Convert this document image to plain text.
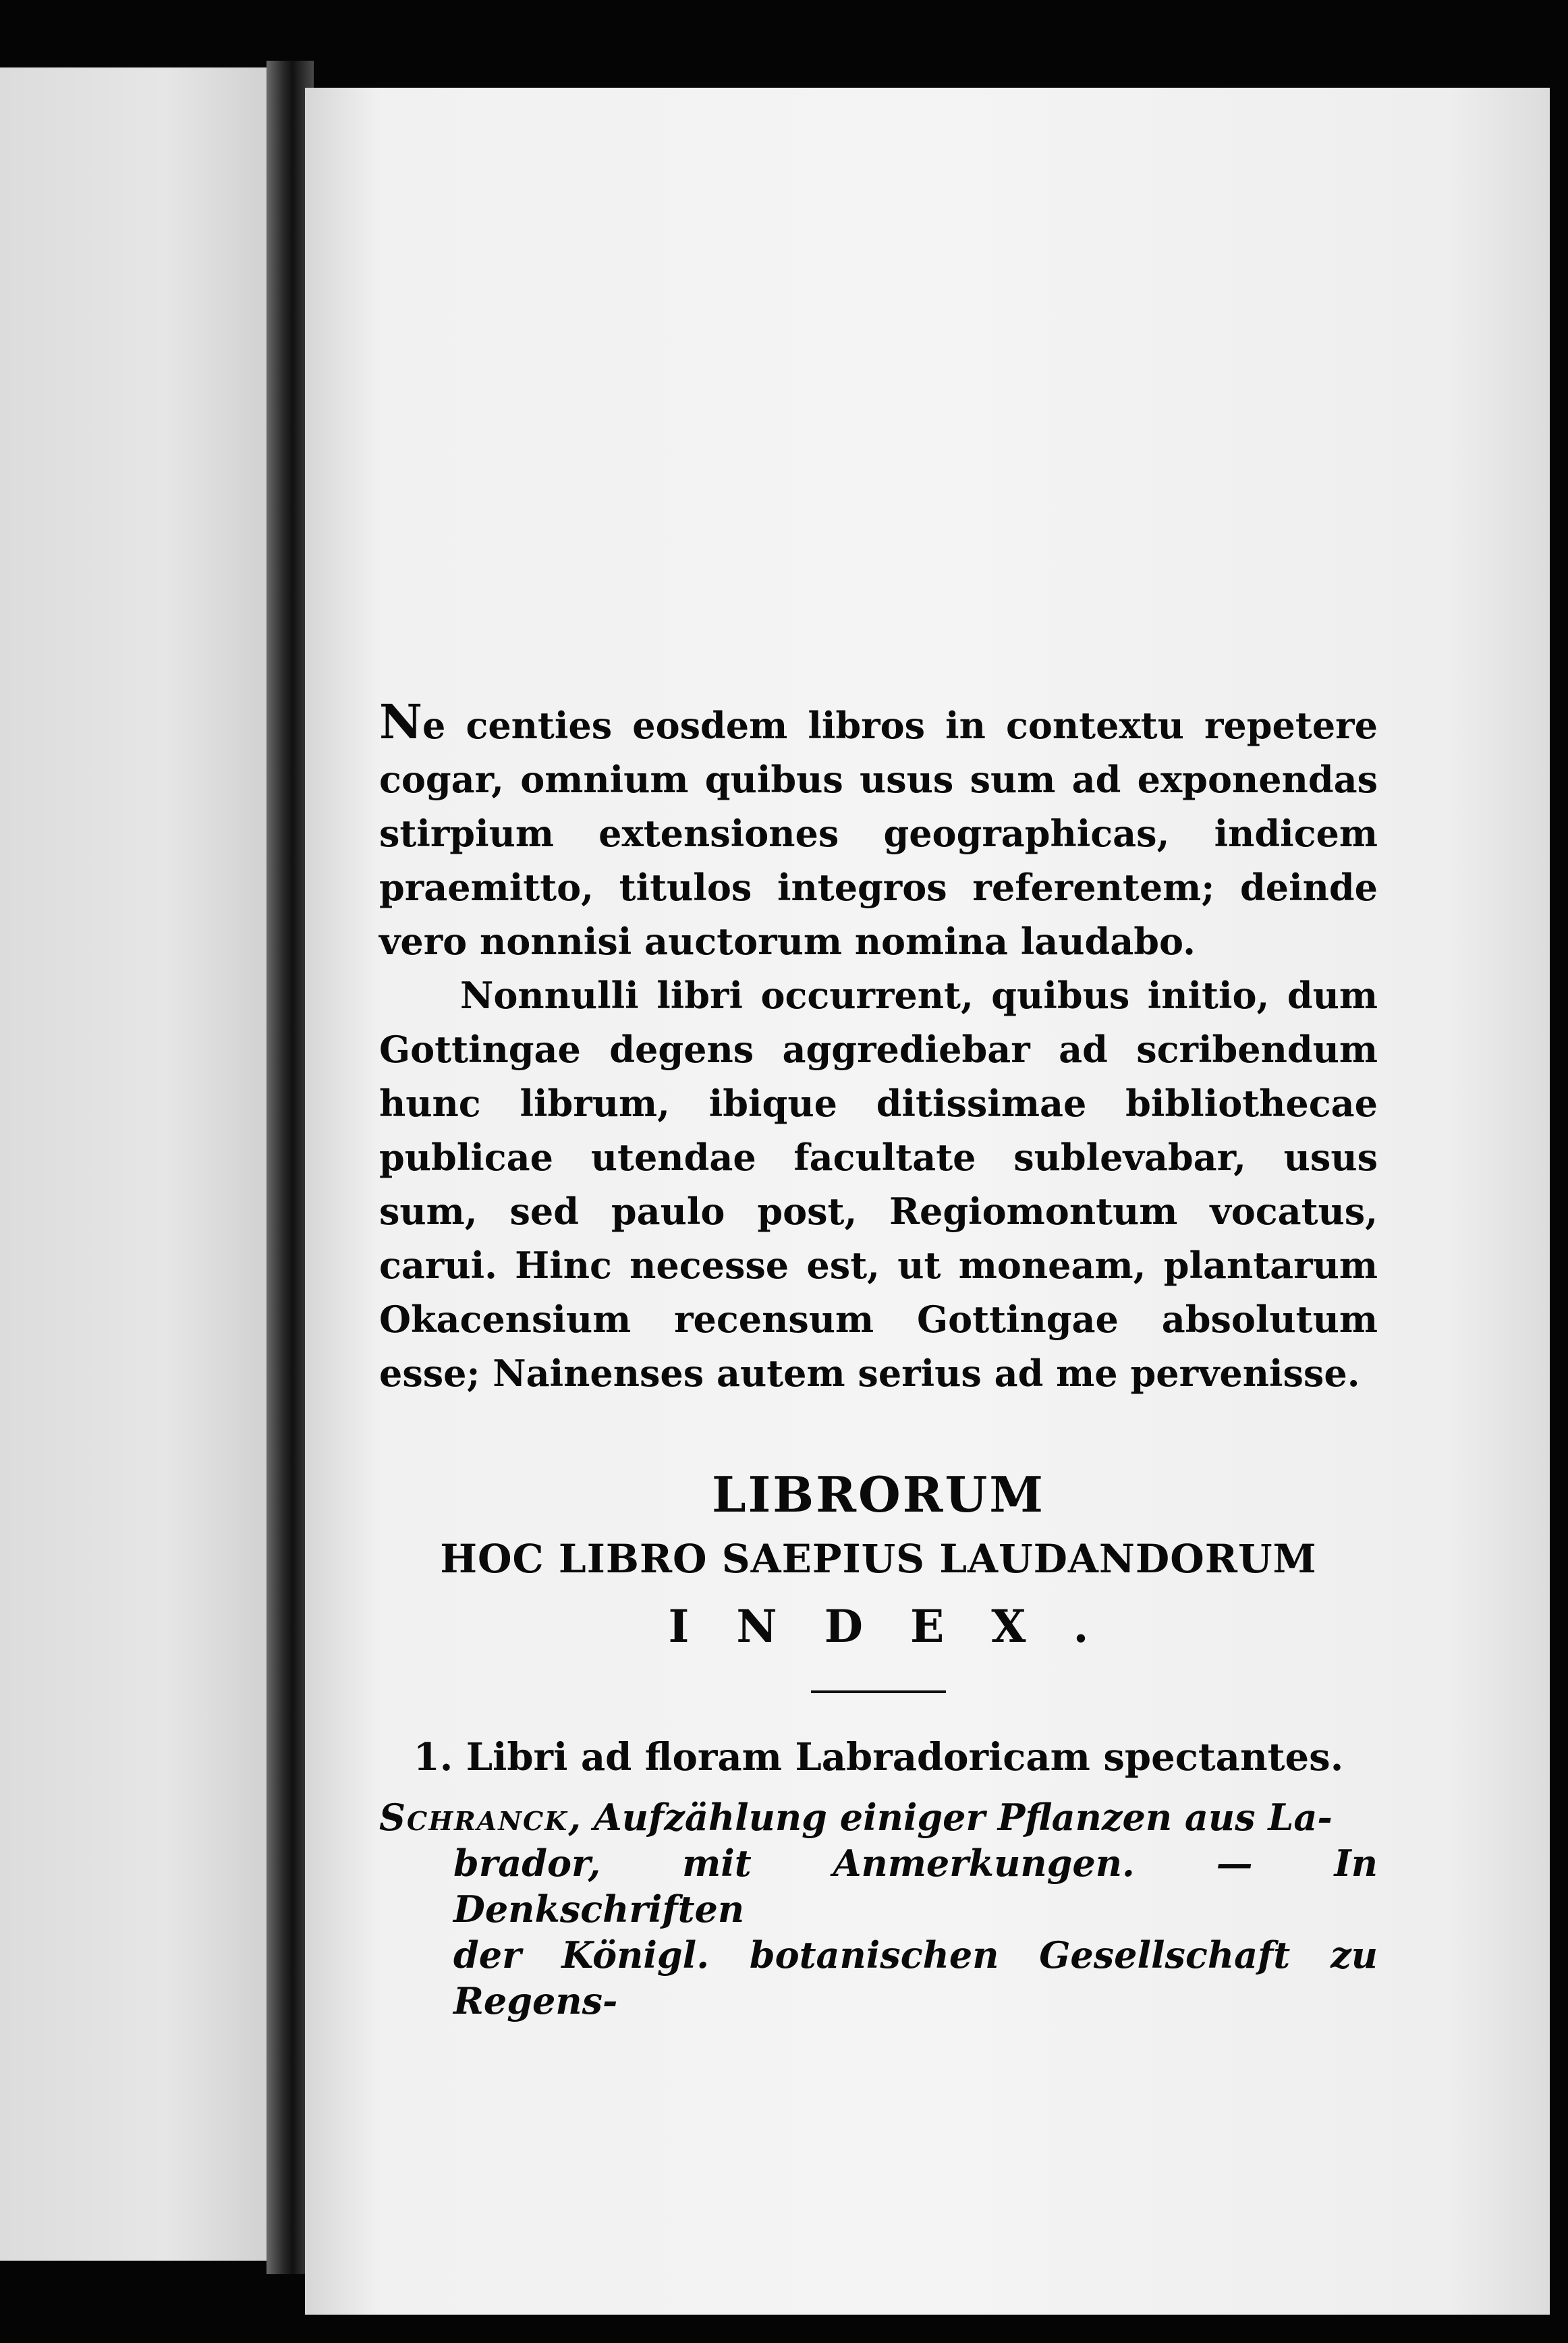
Ne centies eosdem libros in contextu repetere cogar, omnium quibus usus sum ad exponendas stirpium extensiones geographicas, indicem praemitto, titulos integros referentem; deinde vero nonnisi auctorum nomina laudabo.

Nonnulli libri occurrent, quibus initio, dum Gottingae degens aggrediebar ad scribendum hunc librum, ibique ditissimae bibliothecae publicae utendae facultate sublevabar, usus sum, sed paulo post, Regiomontum vocatus, carui. Hinc necesse est, ut moneam, plantarum Okacensium recensum Gottingae absolutum esse; Nainenses autem serius ad me pervenisse.

LIBRORUM
HOC LIBRO SAEPIUS LAUDANDORUM
INDEX.
1. Libri ad floram Labradoricam spectantes.

Schranck, Aufzählung einiger Pflanzen aus La-
brador, mit Anmerkungen. — In Denkschriften
der Königl. botanischen Gesellschaft zu Regens-
